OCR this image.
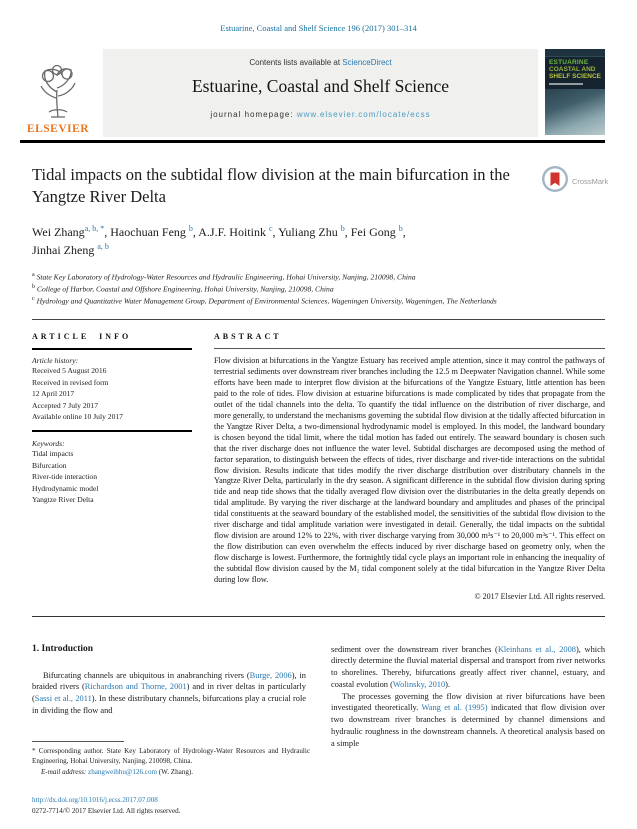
Estuarine, Coastal and Shelf Science 196 (2017) 301–314
ELSEVIER
Contents lists available at ScienceDirect
Estuarine, Coastal and Shelf Science
journal homepage: www.elsevier.com/locate/ecss
ESTUARINE
COASTAL AND
SHELF SCIENCE
Tidal impacts on the subtidal flow division at the main bifurcation in the Yangtze River Delta
CrossMark
Wei Zhang$^{a, b, *}$, Haochuan Feng $^b$, A.J.F. Hoitink $^c$, Yuliang Zhu $^b$, Fei Gong $^b$,
Jinhai Zheng $^{a, b}$
$^a$ State Key Laboratory of Hydrology-Water Resources and Hydraulic Engineering, Hohai University, Nanjing, 210098, China
$^b$ College of Harbor, Coastal and Offshore Engineering, Hohai University, Nanjing, 210098, China
$^c$ Hydrology and Quantitative Water Management Group, Department of Environmental Sciences, Wageningen University, Wageningen, The Netherlands
ARTICLE INFO

Article history:

Received 5 August 2016

Received in revised form

12 April 2017

Accepted 7 July 2017

Available online 10 July 2017

Keywords:

Tidal impacts

Bifurcation

River-tide interaction

Hydrodynamic model

Yangtze River Delta

ABSTRACT

Flow division at bifurcations in the Yangtze Estuary has received ample attention, since it may control the pathways of terrestrial sediments over downstream river branches including the 12.5 m Deepwater Navigation channel. While some efforts have been made to interpret flow division at the bifurcations of the Yangtze Estuary, little attention has been paid to the role of tides. Flow division at estuarine bifurcations is made complicated by tides that propagate from the outlet of the tidal channels into the delta. To quantify the tidal influence on the distribution of river discharge, and more generally, to understand the mechanisms governing the subtidal flow division at the tidally affected bifurcation in the Yangtze River Delta, a two-dimensional hydrodynamic model is employed. In this model, the landward boundary is chosen beyond the tidal limit, where the tidal motion has faded out entirely. The seaward boundary is chosen such that the river discharge does not influence the water level. Subtidal discharges are decomposed using the method of factor separation, to distinguish between the effects of tides, river discharge and river-tide interactions on the subtidal flow division. Results indicate that tides modify the river discharge distribution over distributary channels in the Yangtze River Delta, particularly in the dry season. A significant difference in the subtidal flow division during spring tide and neap tide shows that the tidally averaged flow division over the distributaries in the delta greatly depends on tidal amplitude. By varying the river discharge at the landward boundary and amplitudes and phases of the principal tidal constituents at the seaward boundary of the established model, the sensitivities of the subtidal flow division to the river discharge and tidal amplitude variation were investigated in detail. Generally, the tidal impacts on the subtidal flow division are around 12% to 22%, with river discharge varying from 30,000 m³s⁻¹ to 20,000 m³s⁻¹. This effect on the flow distribution can even overwhelm the effects induced by river discharge based on geometry only, when the flow discharge is lowest. Furthermore, the fortnightly tidal cycle plays an important role in enhancing the inequality of the subtidal flow division caused by the M₂ tidal component solely at the tidal bifurcation in the Yangtze River Delta during low flow.

© 2017 Elsevier Ltd. All rights reserved.
1. Introduction

Bifurcating channels are ubiquitous in anabranching rivers (Burge, 2006), in braided rivers (Richardson and Thorne, 2001) and in river deltas in particularly (Sassi et al., 2011). In these distributary channels, bifurcations play a crucial role in dividing the flow and

sediment over the downstream river branches (Kleinhans et al., 2008), which directly determine the fluvial material dispersal and transport from river networks to shorelines. Thereby, bifurcations greatly affect river channel, estuary, and coastal evolution (Wolinsky, 2010).

The processes governing the flow division at river bifurcations have been investigated theoretically. Wang et al. (1995) indicated that flow division over two downstream river branches is determined by channel dimensions and hydraulic roughness in the downstream channels. A theoretical analysis based on a simple

* Corresponding author. State Key Laboratory of Hydrology-Water Resources and Hydraulic Engineering, Hohai University, Nanjing, 210098, China.

E-mail address: zhangweihhu@126.com (W. Zhang).

http://dx.doi.org/10.1016/j.ecss.2017.07.008
0272-7714/© 2017 Elsevier Ltd. All rights reserved.
